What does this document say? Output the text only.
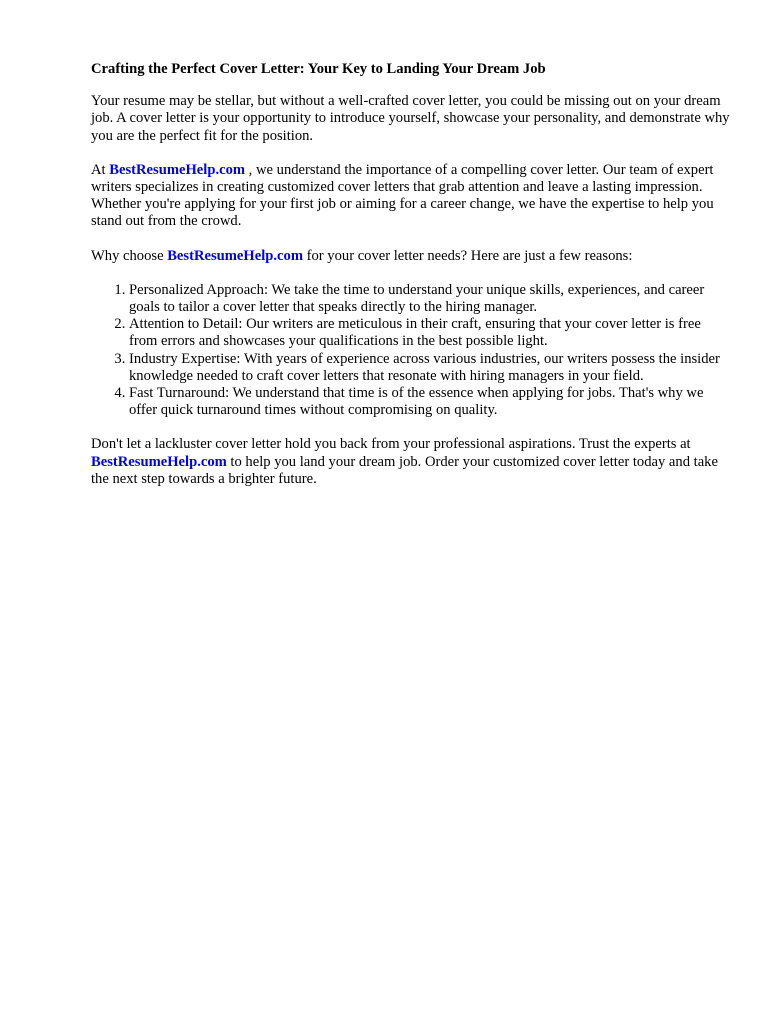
Crafting the Perfect Cover Letter: Your Key to Landing Your Dream Job

Your resume may be stellar, but without a well-crafted cover letter, you could be missing out on your dream job. A cover letter is your opportunity to introduce yourself, showcase your personality, and demonstrate why you are the perfect fit for the position.

At BestResumeHelp.com , we understand the importance of a compelling cover letter. Our team of expert writers specializes in creating customized cover letters that grab attention and leave a lasting impression. Whether you're applying for your first job or aiming for a career change, we have the expertise to help you stand out from the crowd.

Why choose BestResumeHelp.com for your cover letter needs? Here are just a few reasons:

1. Personalized Approach: We take the time to understand your unique skills, experiences, and career goals to tailor a cover letter that speaks directly to the hiring manager.
2. Attention to Detail: Our writers are meticulous in their craft, ensuring that your cover letter is free from errors and showcases your qualifications in the best possible light.
3. Industry Expertise: With years of experience across various industries, our writers possess the insider knowledge needed to craft cover letters that resonate with hiring managers in your field.
4. Fast Turnaround: We understand that time is of the essence when applying for jobs. That's why we offer quick turnaround times without compromising on quality.

Don't let a lackluster cover letter hold you back from your professional aspirations. Trust the experts at BestResumeHelp.com to help you land your dream job. Order your customized cover letter today and take the next step towards a brighter future.
